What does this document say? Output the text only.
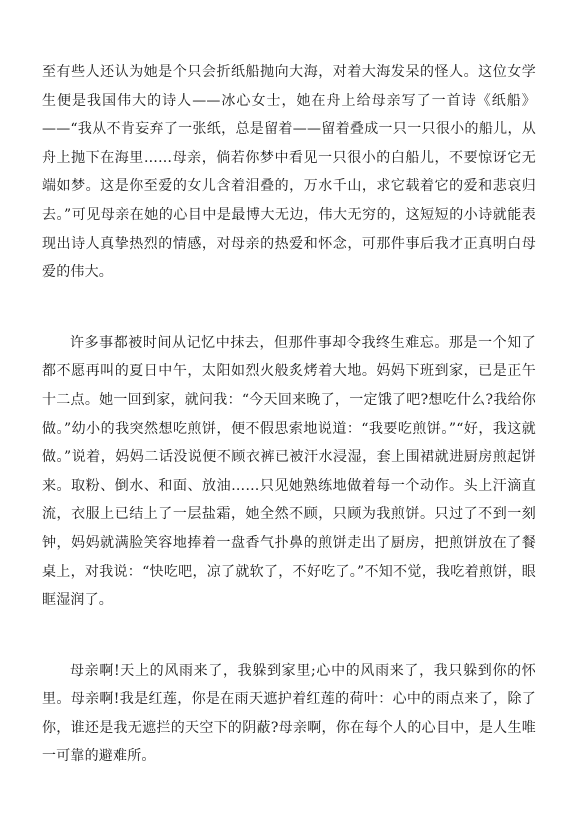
至有些人还认为她是个只会折纸船抛向大海，对着大海发呆的怪人。这位女学生便是我国伟大的诗人——冰心女士，她在舟上给母亲写了一首诗《纸船》——“我从不肯妄弃了一张纸，总是留着——留着叠成一只一只很小的船儿，从舟上抛下在海里……母亲，倘若你梦中看见一只很小的白船儿，不要惊讶它无端如梦。这是你至爱的女儿含着泪叠的，万水千山，求它载着它的爱和悲哀归去。”可见母亲在她的心目中是最博大无边，伟大无穷的，这短短的小诗就能表现出诗人真挚热烈的情感，对母亲的热爱和怀念，可那件事后我才正真明白母爱的伟大。

许多事都被时间从记忆中抹去，但那件事却令我终生难忘。那是一个知了都不愿再叫的夏日中午，太阳如烈火般炙烤着大地。妈妈下班到家，已是正午十二点。她一回到家，就问我：“今天回来晚了，一定饿了吧?想吃什么?我给你做。”幼小的我突然想吃煎饼，便不假思索地说道：“我要吃煎饼。”“好，我这就做。”说着，妈妈二话没说便不顾衣裤已被汗水浸湿，套上围裙就进厨房煎起饼来。取粉、倒水、和面、放油……只见她熟练地做着每一个动作。头上汗滴直流，衣服上已结上了一层盐霜，她全然不顾，只顾为我煎饼。只过了不到一刻钟，妈妈就满脸笑容地捧着一盘香气扑鼻的煎饼走出了厨房，把煎饼放在了餐桌上，对我说：“快吃吧，凉了就软了，不好吃了。”不知不觉，我吃着煎饼，眼眶湿润了。

母亲啊!天上的风雨来了，我躲到家里;心中的风雨来了，我只躲到你的怀里。母亲啊!我是红莲，你是在雨天遮护着红莲的荷叶：心中的雨点来了，除了你，谁还是我无遮拦的天空下的阴蔽?母亲啊，你在每个人的心目中，是人生唯一可靠的避难所。
